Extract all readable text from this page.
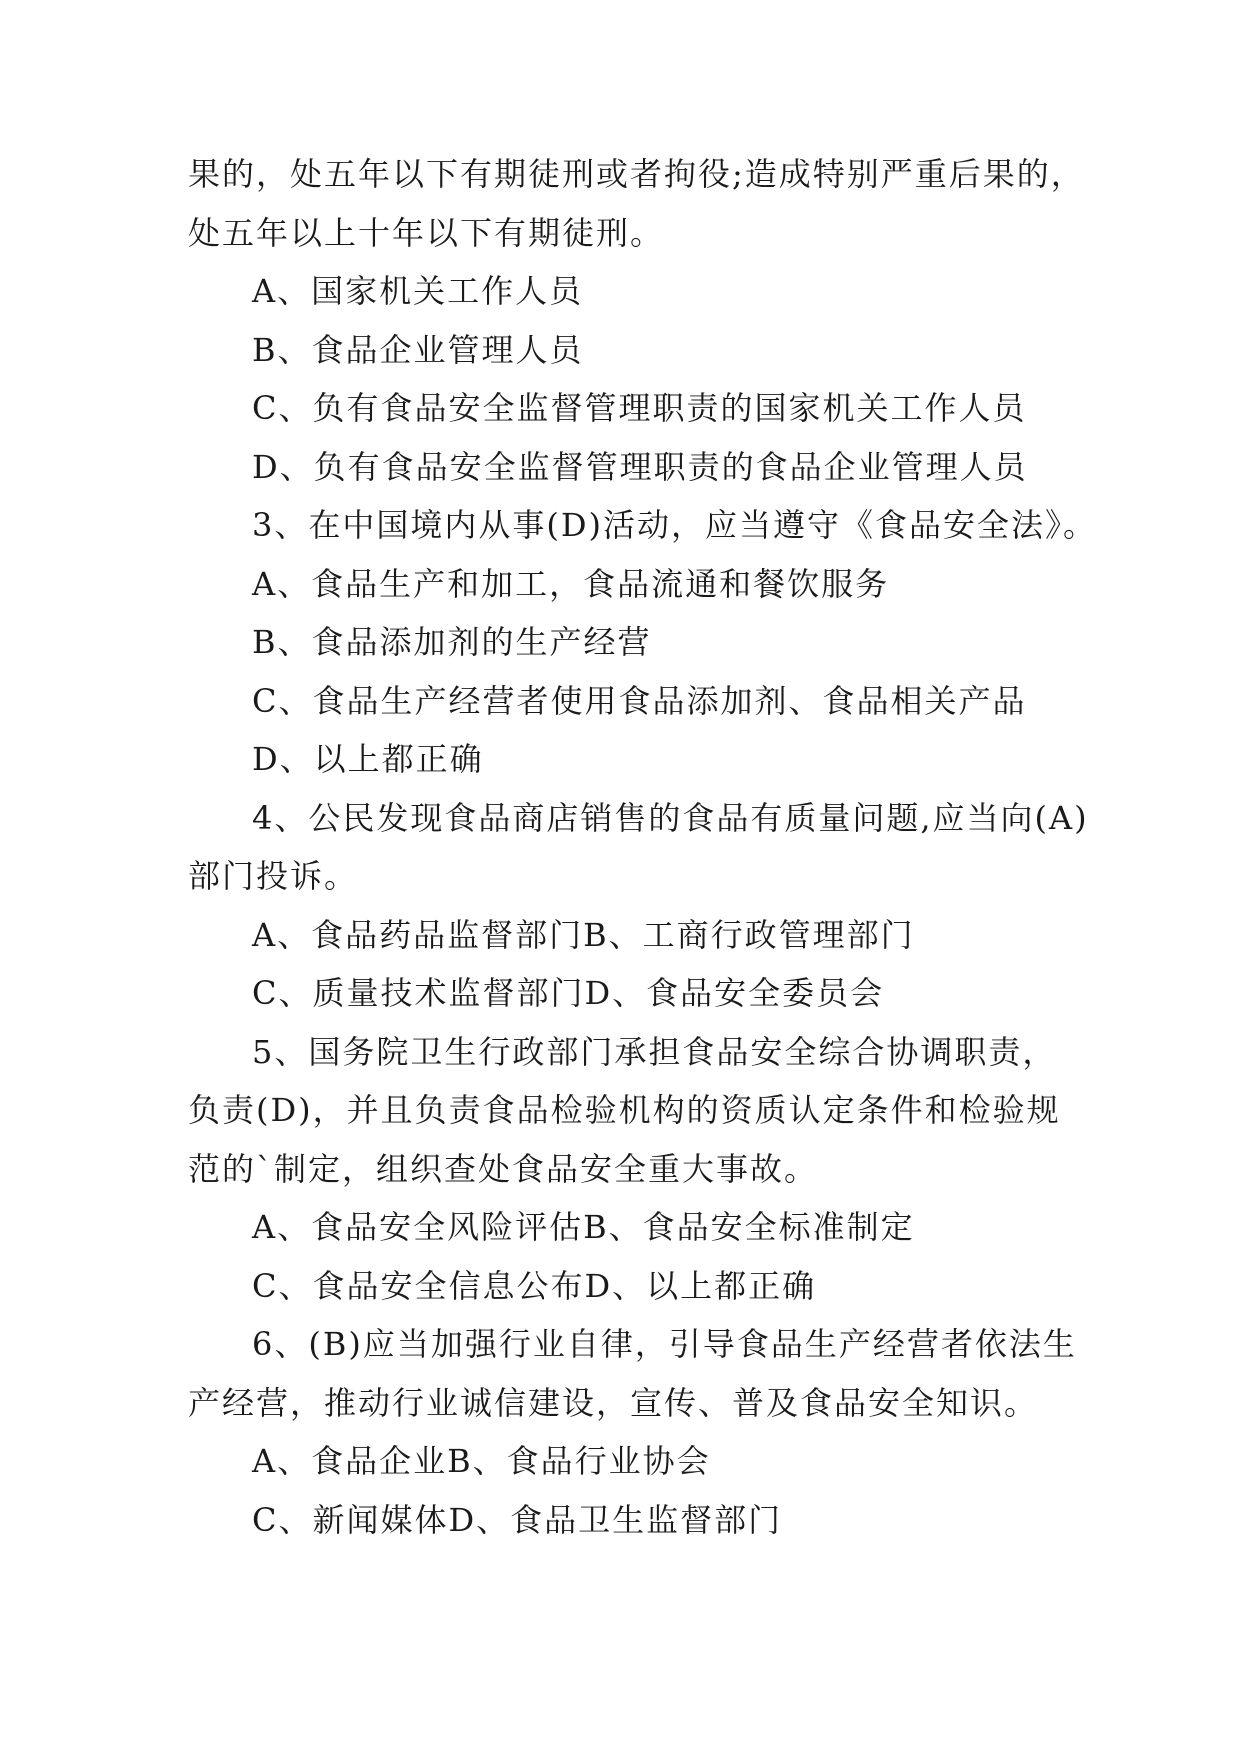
果的，处五年以下有期徒刑或者拘役;造成特别严重后果的，
处五年以上十年以下有期徒刑。
A、国家机关工作人员
B、食品企业管理人员
C、负有食品安全监督管理职责的国家机关工作人员
D、负有食品安全监督管理职责的食品企业管理人员
3、在中国境内从事(D)活动，应当遵守《食品安全法》。
A、食品生产和加工，食品流通和餐饮服务
B、食品添加剂的生产经营
C、食品生产经营者使用食品添加剂、食品相关产品
D、以上都正确
4、公民发现食品商店销售的食品有质量问题,应当向(A)
部门投诉。
A、食品药品监督部门B、工商行政管理部门
C、质量技术监督部门D、食品安全委员会
5、国务院卫生行政部门承担食品安全综合协调职责，
负责(D)，并且负责食品检验机构的资质认定条件和检验规
范的`制定，组织查处食品安全重大事故。
A、食品安全风险评估B、食品安全标准制定
C、食品安全信息公布D、以上都正确
6、(B)应当加强行业自律，引导食品生产经营者依法生
产经营，推动行业诚信建设，宣传、普及食品安全知识。
A、食品企业B、食品行业协会
C、新闻媒体D、食品卫生监督部门
